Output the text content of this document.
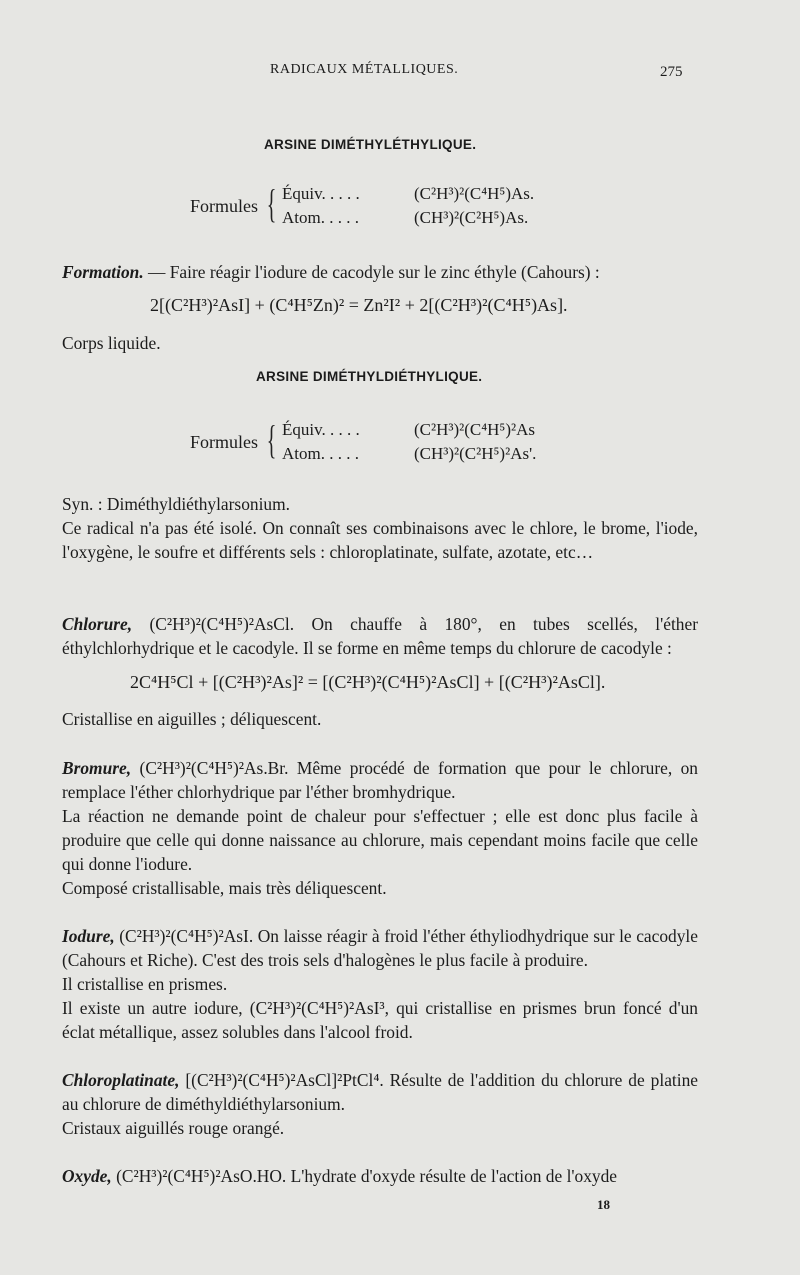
RADICAUX MÉTALLIQUES.	275
ARSINE DIMÉTHYLÉTHYLIQUE.
Formules { Équiv. . . . .	(C²H³)²(C⁴H⁵)As.
Atom. . . . .	(CH³)²(C²H⁵)As.
Formation. — Faire réagir l'iodure de cacodyle sur le zinc éthyle (Cahours) :
2[(C²H³)²AsI] + (C⁴H⁵Zn)² = Zn²I² + 2[(C²H³)²(C⁴H⁵)As].
Corps liquide.
ARSINE DIMÉTHYLDIÉTHYLIQUE.
Formules { Équiv. . . . .	(C²H³)²(C⁴H⁵)²As
Atom. . . . .	(CH³)²(C²H⁵)²As'.
Syn. : Diméthyldiéthylarsonium.
Ce radical n'a pas été isolé. On connaît ses combinaisons avec le chlore, le brome, l'iode, l'oxygène, le soufre et différents sels : chloroplatinate, sulfate, azotate, etc…
Chlorure, (C²H³)²(C⁴H⁵)²AsCl. On chauffe à 180°, en tubes scellés, l'éther éthylchlorhydrique et le cacodyle. Il se forme en même temps du chlorure de cacodyle :
2C⁴H⁵Cl + [(C²H³)²As]² = [(C²H³)²(C⁴H⁵)²AsCl] + [(C²H³)²AsCl].
Cristallise en aiguilles ; déliquescent.
Bromure, (C²H³)²(C⁴H⁵)²As.Br. Même procédé de formation que pour le chlorure, on remplace l'éther chlorhydrique par l'éther bromhydrique.
La réaction ne demande point de chaleur pour s'effectuer ; elle est donc plus facile à produire que celle qui donne naissance au chlorure, mais cependant moins facile que celle qui donne l'iodure.
Composé cristallisable, mais très déliquescent.
Iodure, (C²H³)²(C⁴H⁵)²AsI. On laisse réagir à froid l'éther éthyliodhydrique sur le cacodyle (Cahours et Riche). C'est des trois sels d'halogènes le plus facile à produire.
Il cristallise en prismes.
Il existe un autre iodure, (C²H³)²(C⁴H⁵)²AsI³, qui cristallise en prismes brun foncé d'un éclat métallique, assez solubles dans l'alcool froid.
Chloroplatinate, [(C²H³)²(C⁴H⁵)²AsCl]²PtCl⁴. Résulte de l'addition du chlorure de platine au chlorure de diméthyldiéthylarsonium.
Cristaux aiguillés rouge orangé.
Oxyde, (C²H³)²(C⁴H⁵)²AsO.HO. L'hydrate d'oxyde résulte de l'action de l'oxyde
18
